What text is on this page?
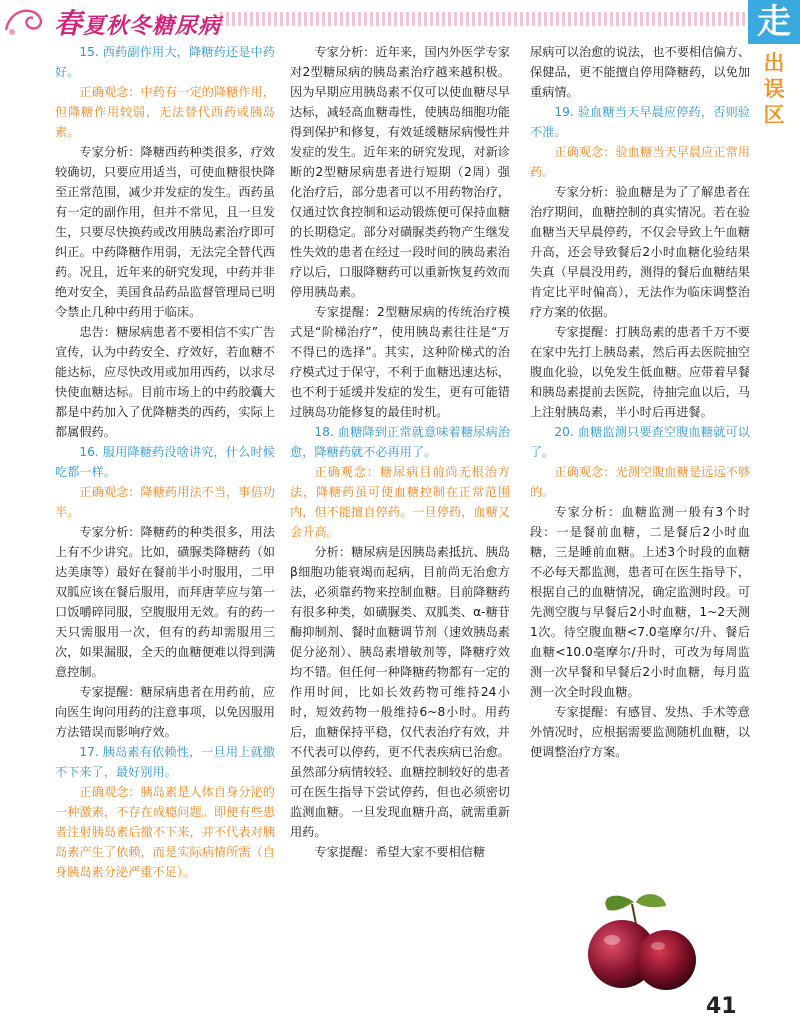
春夏秋冬糖尿病	走
出误区

15. 西药副作用大，降糖药还是中药好。

正确观念：中药有一定的降糖作用，但降糖作用较弱，无法替代西药或胰岛素。

专家分析：降糖西药种类很多，疗效较确切，只要应用适当，可使血糖很快降至正常范围，减少并发症的发生。西药虽有一定的副作用，但并不常见，且一旦发生，只要尽快换药或改用胰岛素治疗即可纠正。中药降糖作用弱，无法完全替代西药。况且，近年来的研究发现，中药并非绝对安全，美国食品药品监督管理局已明令禁止几种中药用于临床。

忠告：糖尿病患者不要相信不实广告宣传，认为中药安全、疗效好，若血糖不能达标，应尽快改用或加用西药，以求尽快使血糖达标。目前市场上的中药胶囊大都是中药加入了优降糖类的西药，实际上都属假药。

16. 服用降糖药没啥讲究，什么时候吃都一样。

正确观念：降糖药用法不当，事倍功半。

专家分析：降糖药的种类很多，用法上有不少讲究。比如，磺脲类降糖药（如达美康等）最好在餐前半小时服用，二甲双胍应该在餐后服用，而拜唐苹应与第一口饭嚼碎同服，空腹服用无效。有的药一天只需服用一次，但有的药却需服用三次，如果漏服，全天的血糖便难以得到满意控制。

专家提醒：糖尿病患者在用药前，应向医生询问用药的注意事项，以免因服用方法错误而影响疗效。

17. 胰岛素有依赖性，一旦用上就撤不下来了，最好别用。

正确观念：胰岛素是人体自身分泌的一种激素，不存在成瘾问题。即便有些患者注射胰岛素后撤不下来，并不代表对胰岛素产生了依赖，而是实际病情所需（自身胰岛素分泌严重不足）。

专家分析：近年来，国内外医学专家对2型糖尿病的胰岛素治疗越来越积极。因为早期应用胰岛素不仅可以使血糖尽早达标，减轻高血糖毒性，使胰岛细胞功能得到保护和修复，有效延缓糖尿病慢性并发症的发生。近年来的研究发现，对新诊断的2型糖尿病患者进行短期（2周）强化治疗后，部分患者可以不用药物治疗，仅通过饮食控制和运动锻炼便可保持血糖的长期稳定。部分对磺脲类药物产生继发性失效的患者在经过一段时间的胰岛素治疗以后，口服降糖药可以重新恢复药效而停用胰岛素。

专家提醒：2型糖尿病的传统治疗模式是“阶梯治疗”，使用胰岛素往往是“万不得已的选择”。其实，这种阶梯式的治疗模式过于保守，不利于血糖迅速达标，也不利于延缓并发症的发生，更有可能错过胰岛功能修复的最佳时机。

18. 血糖降到正常就意味着糖尿病治愈，降糖药就不必再用了。

正确观念：糖尿病目前尚无根治方法，降糖药虽可使血糖控制在正常范围内，但不能擅自停药。一旦停药，血糖又会升高。

分析：糖尿病是因胰岛素抵抗、胰岛β细胞功能衰竭而起病，目前尚无治愈方法，必须靠药物来控制血糖。目前降糖药有很多种类，如磺脲类、双胍类、α-糖苷酶抑制剂、餐时血糖调节剂（速效胰岛素促分泌剂）、胰岛素增敏剂等，降糖疗效均不错。但任何一种降糖药物都有一定的作用时间，比如长效药物可维持24小时，短效药物一般维持6~8小时。用药后，血糖保持平稳，仅代表治疗有效，并不代表可以停药，更不代表疾病已治愈。虽然部分病情较轻、血糖控制较好的患者可在医生指导下尝试停药，但也必须密切监测血糖。一旦发现血糖升高，就需重新用药。

专家提醒：希望大家不要相信糖

尿病可以治愈的说法，也不要相信偏方、保健品，更不能擅自停用降糖药，以免加重病情。

19. 验血糖当天早晨应停药，否则验不准。

正确观念：验血糖当天早晨应正常用药。

专家分析：验血糖是为了了解患者在治疗期间，血糖控制的真实情况。若在验血糖当天早晨停药，不仅会导致上午血糖升高，还会导致餐后2小时血糖化验结果失真（早晨没用药，测得的餐后血糖结果肯定比平时偏高），无法作为临床调整治疗方案的依据。

专家提醒：打胰岛素的患者千万不要在家中先打上胰岛素，然后再去医院抽空腹血化验，以免发生低血糖。应带着早餐和胰岛素提前去医院，待抽完血以后，马上注射胰岛素，半小时后再进餐。

20. 血糖监测只要查空腹血糖就可以了。

正确观念：光测空腹血糖是远远不够的。

专家分析：血糖监测一般有3个时段：一是餐前血糖，二是餐后2小时血糖，三是睡前血糖。上述3个时段的血糖不必每天都监测，患者可在医生指导下，根据自己的血糖情况，确定监测时段。可先测空腹与早餐后2小时血糖，1~2天测1次。待空腹血糖<7.0毫摩尔/升、餐后血糖<10.0毫摩尔/升时，可改为每周监测一次早餐和早餐后2小时血糖，每月监测一次全时段血糖。

专家提醒：有感冒、发热、手术等意外情况时，应根据需要监测随机血糖，以便调整治疗方案。

41
